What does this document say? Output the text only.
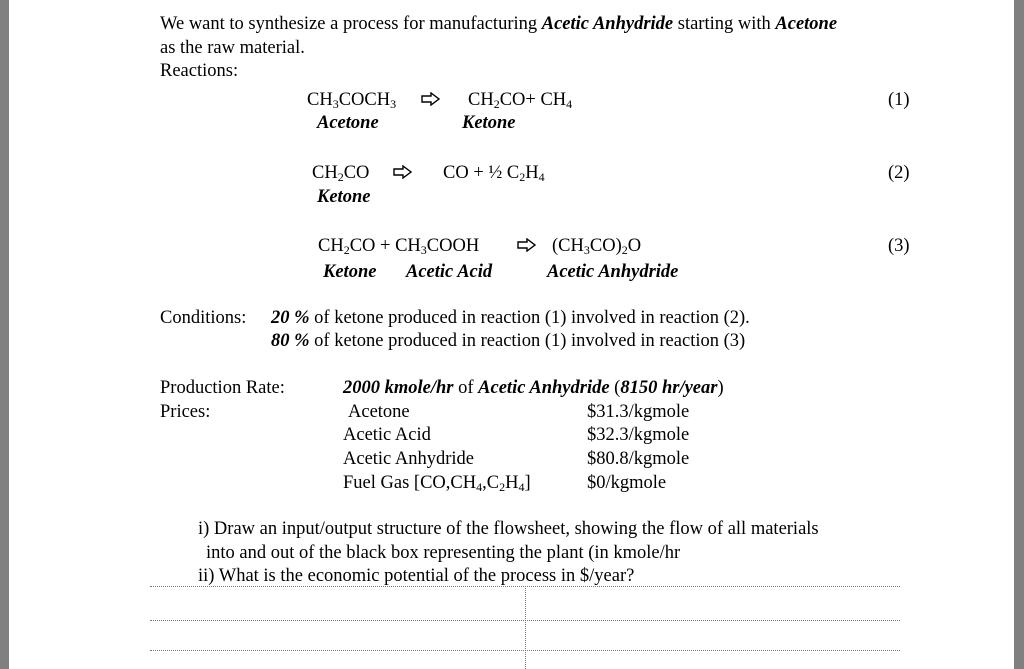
We want to synthesize a process for manufacturing Acetic Anhydride starting with Acetone
as the raw material.
Reactions:
$CH_3COCH_3$	$CH_2CO+ CH_4$	(1)
Acetone	Ketone
$CH_2CO$	CO + ½ $C_2H_4$	(2)
Ketone
$CH_2CO$ + $CH_3COOH$	$(CH_3CO)_2O$	(3)
Ketone Acetic Acid	Acetic Anhydride
Conditions: 20 % of ketone produced in reaction (1) involved in reaction (2).
80 % of ketone produced in reaction (1) involved in reaction (3)
Production Rate:	2000 kmole/hr of Acetic Anhydride (8150 hr/year)
Prices:	Acetone	$31.3/kgmole
Acetic Acid	$32.3/kgmole
Acetic Anhydride	$80.8/kgmole
Fuel Gas $[CO,CH_4,C_2H_4]$	$0/kgmole
i) Draw an input/output structure of the flowsheet, showing the flow of all materials
into and out of the black box representing the plant (in kmole/hr
ii) What is the economic potential of the process in $/year?
